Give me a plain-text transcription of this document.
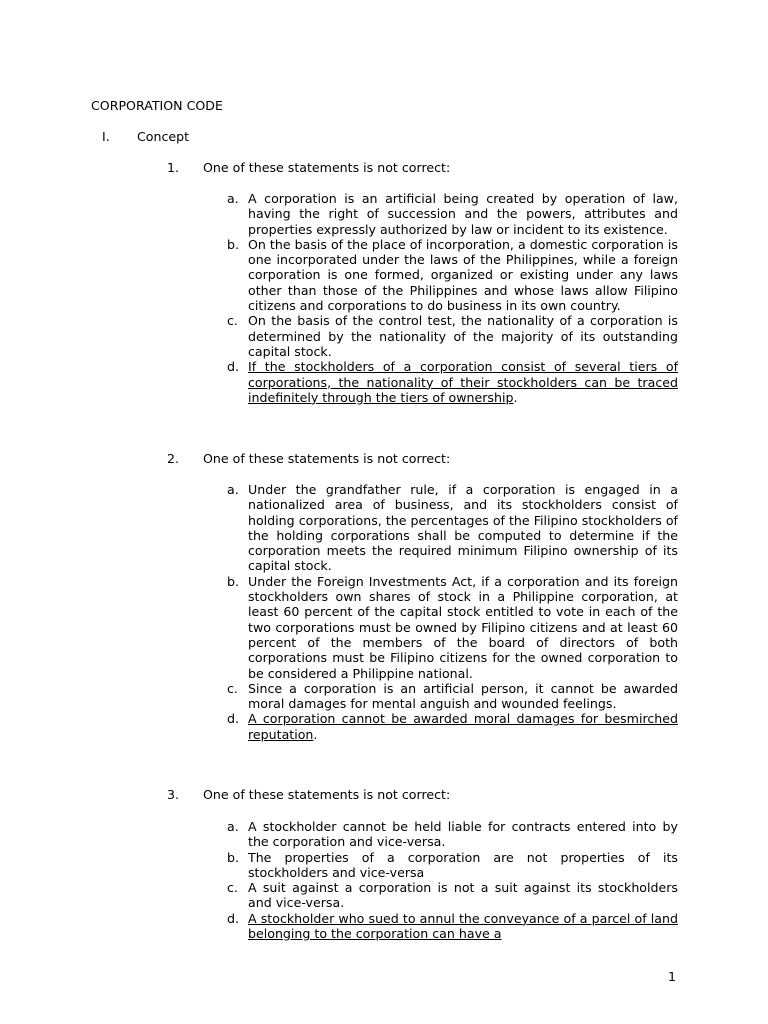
CORPORATION CODE
I. Concept
1. One of these statements is not correct:
a. A corporation is an artificial being created by operation of law, having the right of succession and the powers, attributes and properties expressly authorized by law or incident to its existence.
b. On the basis of the place of incorporation, a domestic corporation is one incorporated under the laws of the Philippines, while a foreign corporation is one formed, organized or existing under any laws other than those of the Philippines and whose laws allow Filipino citizens and corporations to do business in its own country.
c. On the basis of the control test, the nationality of a corporation is determined by the nationality of the majority of its outstanding capital stock.
d. If the stockholders of a corporation consist of several tiers of corporations, the nationality of their stockholders can be traced indefinitely through the tiers of ownership.
2. One of these statements is not correct:
a. Under the grandfather rule, if a corporation is engaged in a nationalized area of business, and its stockholders consist of holding corporations, the percentages of the Filipino stockholders of the holding corporations shall be computed to determine if the corporation meets the required minimum Filipino ownership of its capital stock.
b. Under the Foreign Investments Act, if a corporation and its foreign stockholders own shares of stock in a Philippine corporation, at least 60 percent of the capital stock entitled to vote in each of the two corporations must be owned by Filipino citizens and at least 60 percent of the members of the board of directors of both corporations must be Filipino citizens for the owned corporation to be considered a Philippine national.
c. Since a corporation is an artificial person, it cannot be awarded moral damages for mental anguish and wounded feelings.
d. A corporation cannot be awarded moral damages for besmirched reputation.
3. One of these statements is not correct:
a. A stockholder cannot be held liable for contracts entered into by the corporation and vice-versa.
b. The properties of a corporation are not properties of its stockholders and vice-versa
c. A suit against a corporation is not a suit against its stockholders and vice-versa.
d. A stockholder who sued to annul the conveyance of a parcel of land belonging to the corporation can have a
1
